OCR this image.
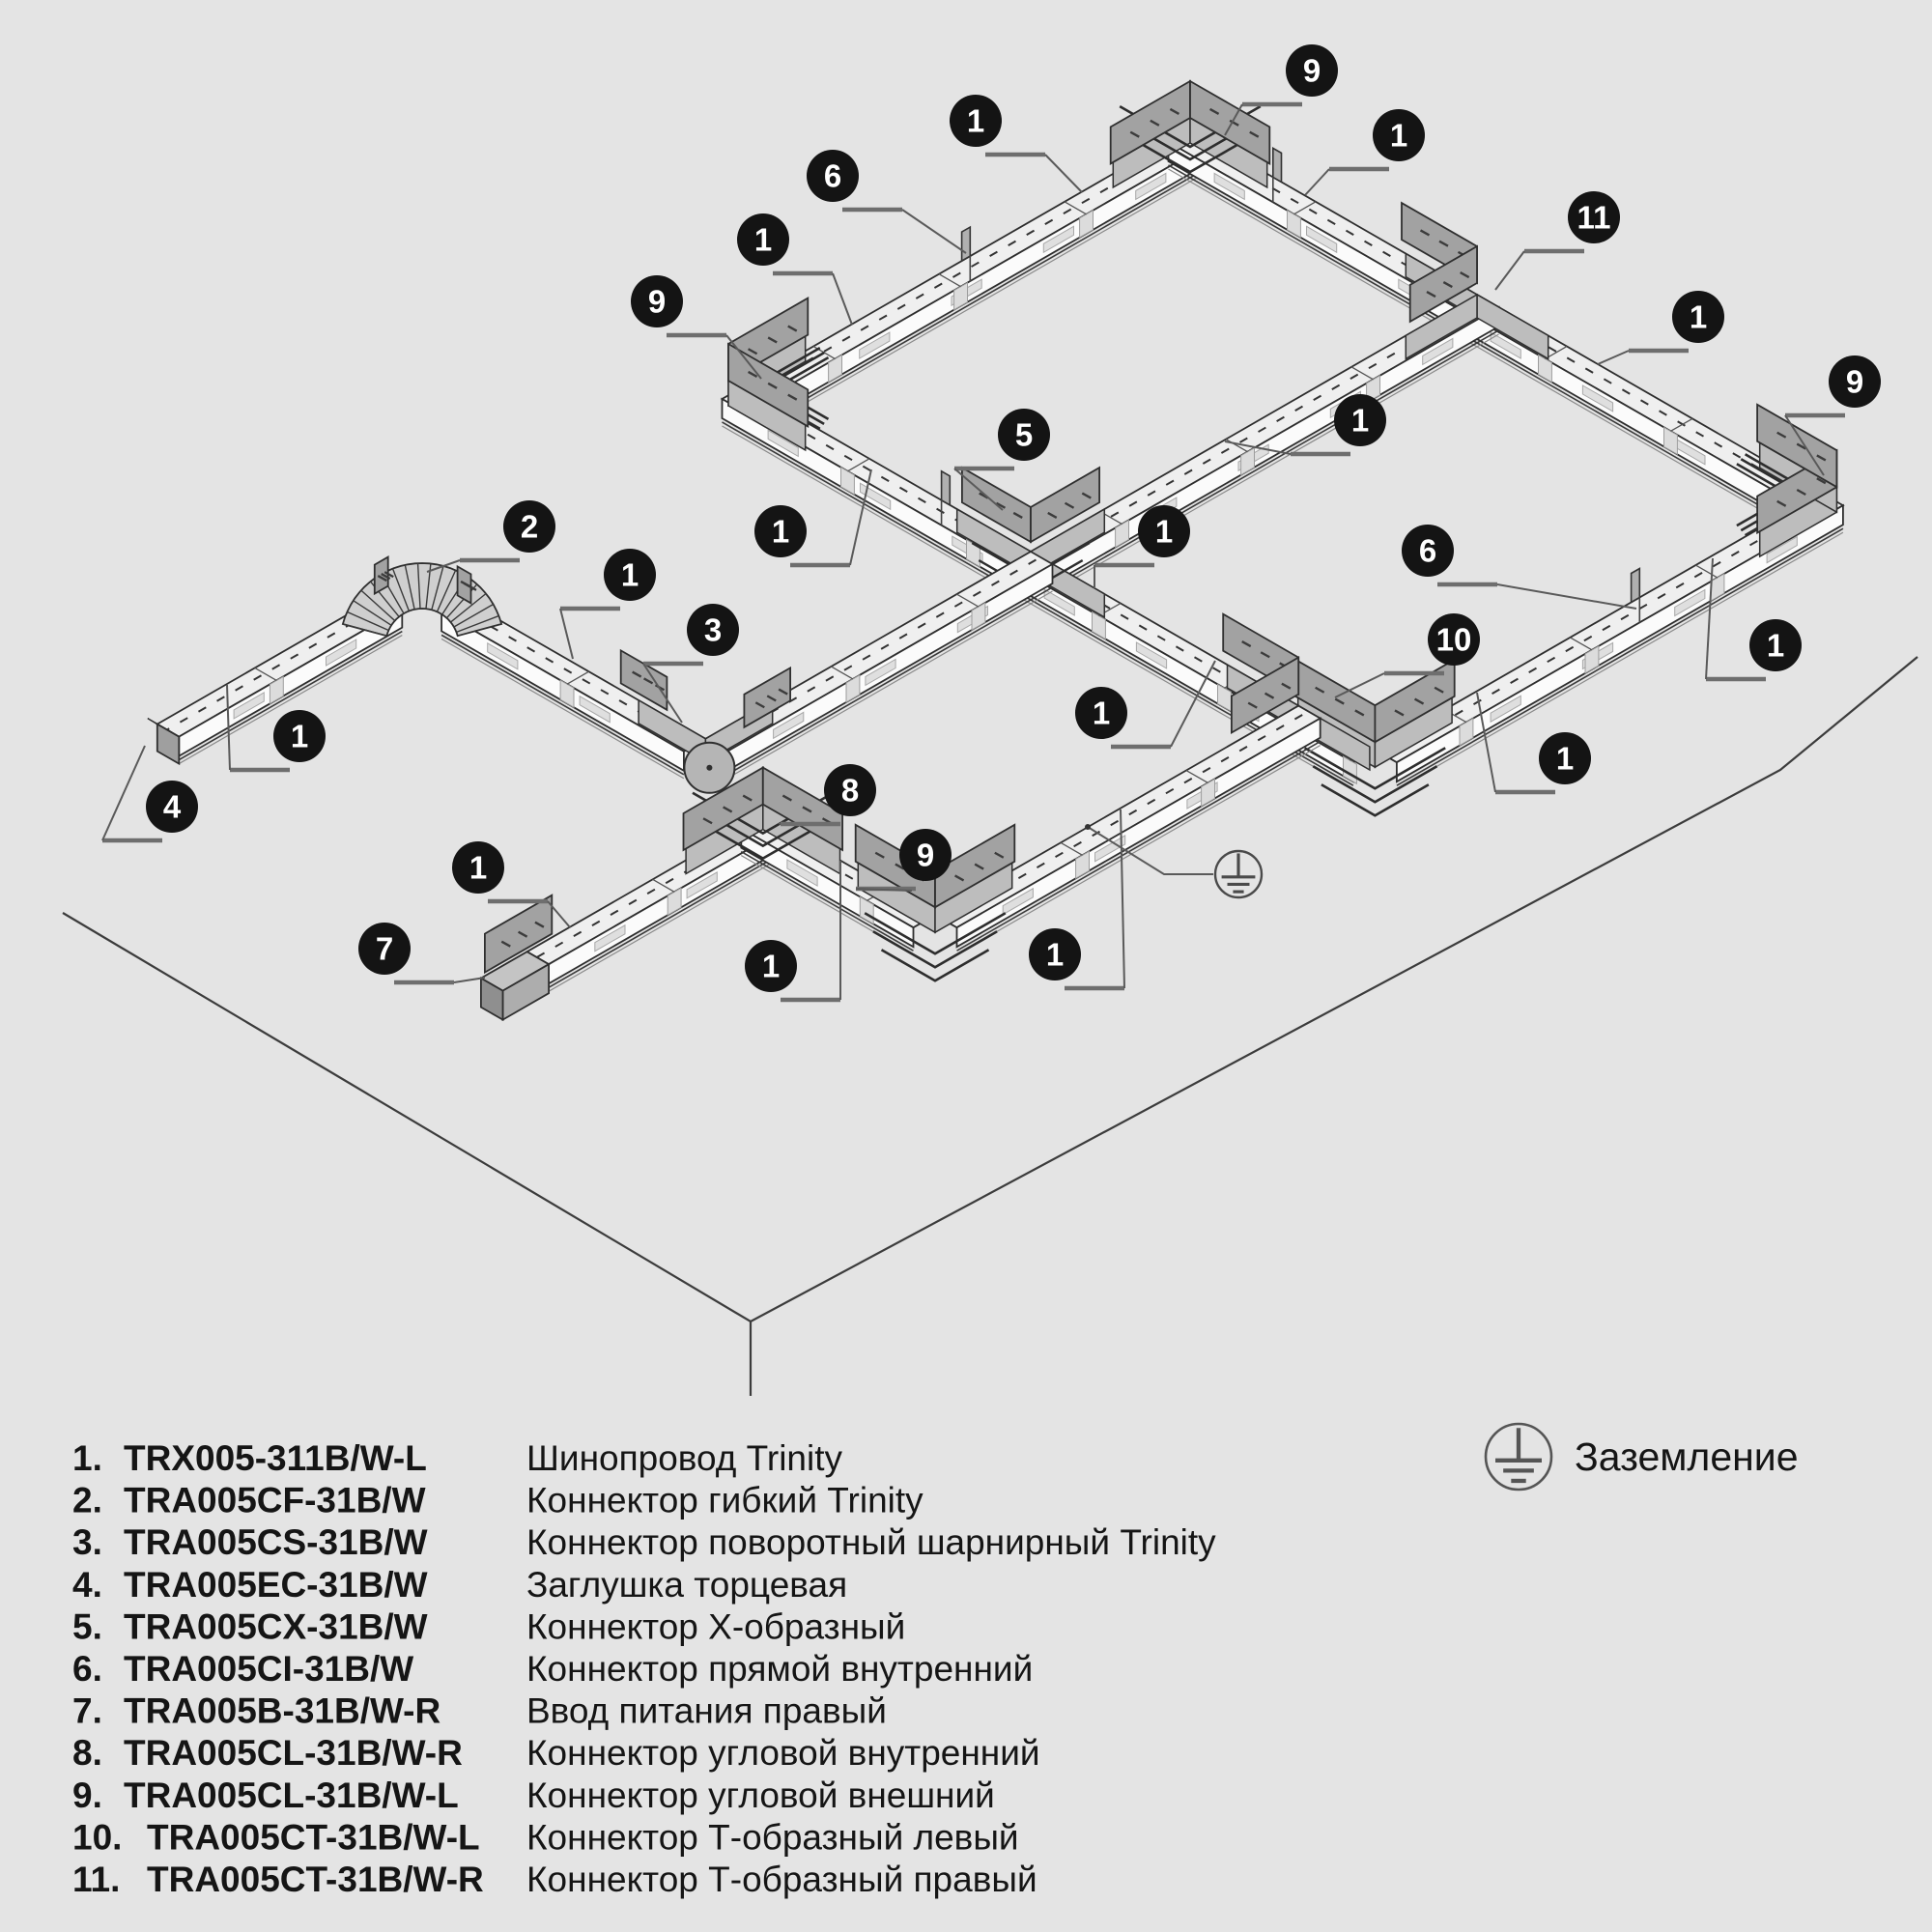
9
1
6
1
9
1
11
1
9
1
5
1	1
1
10
6
1
1
2
1
3
1
4
7
1
8
9
1	1
1. TRX005-311B/W-L	Шинопровод Trinity
2. TRA005CF-31B/W	Коннектор гибкий Trinity
3. TRA005CS-31B/W	Коннектор поворотный шарнирный Trinity
4. TRA005EC-31B/W	Заглушка торцевая
5. TRA005CX-31B/W	Коннектор X-образный
6. TRA005CI-31B/W	Коннектор прямой внутренний
7. TRA005B-31B/W-R Ввод питания правый
8. TRA005CL-31B/W-R Коннектор угловой внутренний
9. TRA005CL-31B/W-L Коннектор угловой внешний
10. TRA005CT-31B/W-L Коннектор Т-образный левый
11. TRA005CT-31B/W-R Коннектор Т-образный правый
Заземление
